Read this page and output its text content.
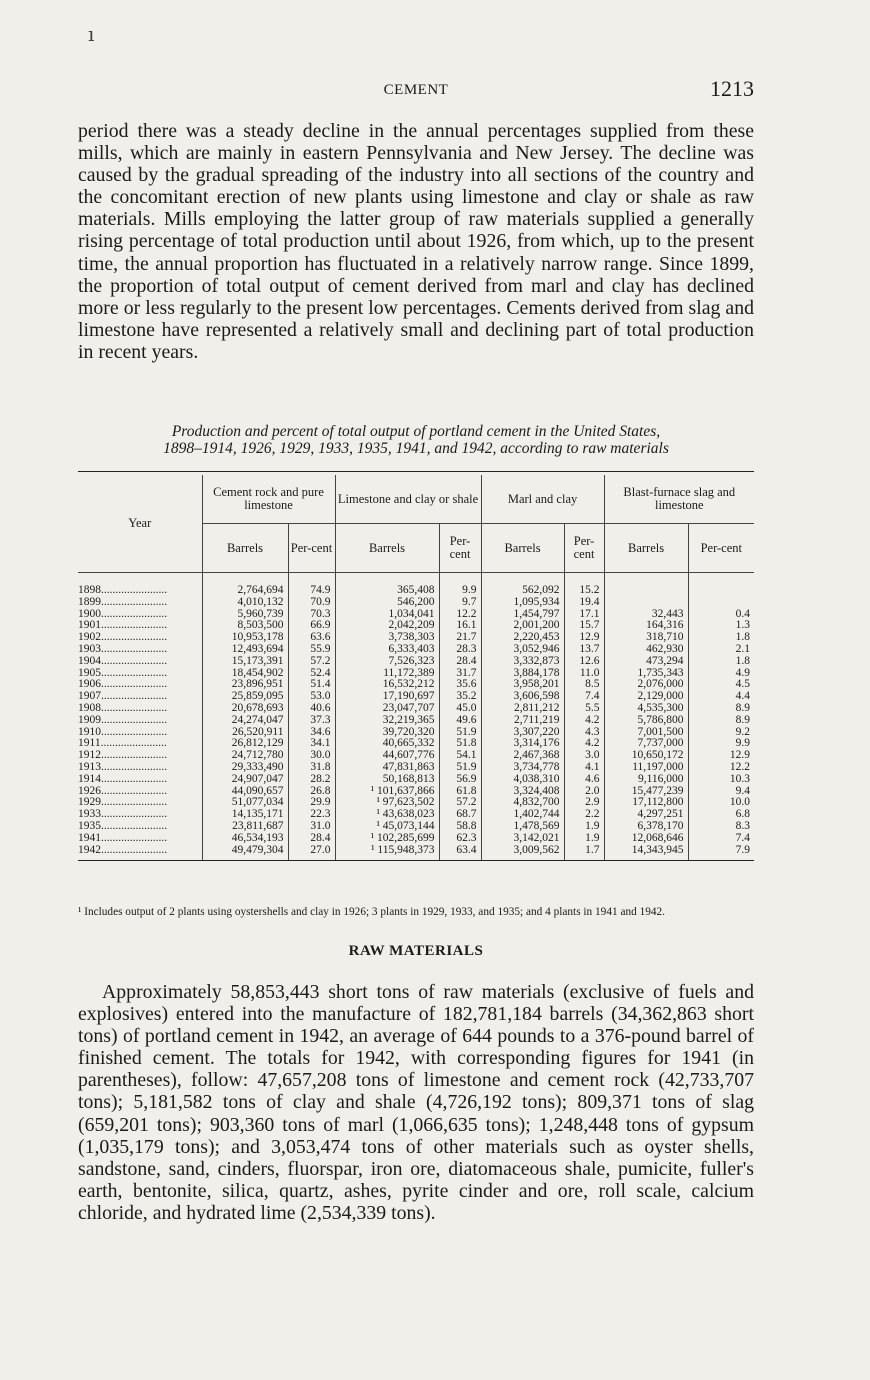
ı
CEMENT	1213

period there was a steady decline in the annual percentages supplied from these mills, which are mainly in eastern Pennsylvania and New Jersey. The decline was caused by the gradual spreading of the industry into all sections of the country and the concomitant erection of new plants using limestone and clay or shale as raw materials. Mills employing the latter group of raw materials supplied a generally rising percentage of total production until about 1926, from which, up to the present time, the annual proportion has fluctuated in a relatively narrow range. Since 1899, the proportion of total output of cement derived from marl and clay has declined more or less regularly to the present low percentages. Cements derived from slag and limestone have represented a relatively small and declining part of total production in recent years.

Production and percent of total output of portland cement in the United States,
1898–1914, 1926, 1929, 1933, 1935, 1941, and 1942, according to raw materials

Year	Cement rock and pure limestone		Limestone and clay or shale		Marl and clay		Blast-furnace slag and limestone	
	Barrels	Per-cent	Barrels	Per-cent	Barrels	Per-cent	Barrels	Per-cent

1898.......................	2,764,694	74.9	365,408	9.9	562,092	15.2		
1899.......................	4,010,132	70.9	546,200	9.7	1,095,934	19.4		
1900.......................	5,960,739	70.3	1,034,041	12.2	1,454,797	17.1	32,443	0.4
1901.......................	8,503,500	66.9	2,042,209	16.1	2,001,200	15.7	164,316	1.3
1902.......................	10,953,178	63.6	3,738,303	21.7	2,220,453	12.9	318,710	1.8
1903.......................	12,493,694	55.9	6,333,403	28.3	3,052,946	13.7	462,930	2.1
1904.......................	15,173,391	57.2	7,526,323	28.4	3,332,873	12.6	473,294	1.8
1905.......................	18,454,902	52.4	11,172,389	31.7	3,884,178	11.0	1,735,343	4.9
1906.......................	23,896,951	51.4	16,532,212	35.6	3,958,201	8.5	2,076,000	4.5
1907.......................	25,859,095	53.0	17,190,697	35.2	3,606,598	7.4	2,129,000	4.4
1908.......................	20,678,693	40.6	23,047,707	45.0	2,811,212	5.5	4,535,300	8.9
1909.......................	24,274,047	37.3	32,219,365	49.6	2,711,219	4.2	5,786,800	8.9
1910.......................	26,520,911	34.6	39,720,320	51.9	3,307,220	4.3	7,001,500	9.2
1911.......................	26,812,129	34.1	40,665,332	51.8	3,314,176	4.2	7,737,000	9.9
1912.......................	24,712,780	30.0	44,607,776	54.1	2,467,368	3.0	10,650,172	12.9
1913.......................	29,333,490	31.8	47,831,863	51.9	3,734,778	4.1	11,197,000	12.2
1914.......................	24,907,047	28.2	50,168,813	56.9	4,038,310	4.6	9,116,000	10.3
1926.......................	44,090,657	26.8	¹ 101,637,866	61.8	3,324,408	2.0	15,477,239	9.4
1929.......................	51,077,034	29.9	¹ 97,623,502	57.2	4,832,700	2.9	17,112,800	10.0
1933.......................	14,135,171	22.3	¹ 43,638,023	68.7	1,402,744	2.2	4,297,251	6.8
1935.......................	23,811,687	31.0	¹ 45,073,144	58.8	1,478,569	1.9	6,378,170	8.3
1941.......................	46,534,193	28.4	¹ 102,285,699	62.3	3,142,021	1.9	12,068,646	7.4
1942.......................	49,479,304	27.0	¹ 115,948,373	63.4	3,009,562	1.7	14,343,945	7.9

¹ Includes output of 2 plants using oystershells and clay in 1926; 3 plants in 1929, 1933, and 1935; and 4 plants in 1941 and 1942.

RAW MATERIALS

Approximately 58,853,443 short tons of raw materials (exclusive of fuels and explosives) entered into the manufacture of 182,781,184 barrels (34,362,863 short tons) of portland cement in 1942, an average of 644 pounds to a 376-pound barrel of finished cement. The totals for 1942, with corresponding figures for 1941 (in parentheses), follow: 47,657,208 tons of limestone and cement rock (42,733,707 tons); 5,181,582 tons of clay and shale (4,726,192 tons); 809,371 tons of slag (659,201 tons); 903,360 tons of marl (1,066,635 tons); 1,248,448 tons of gypsum (1,035,179 tons); and 3,053,474 tons of other materials such as oyster shells, sandstone, sand, cinders, fluorspar, iron ore, diatomaceous shale, pumicite, fuller's earth, bentonite, silica, quartz, ashes, pyrite cinder and ore, roll scale, calcium chloride, and hydrated lime (2,534,339 tons).
